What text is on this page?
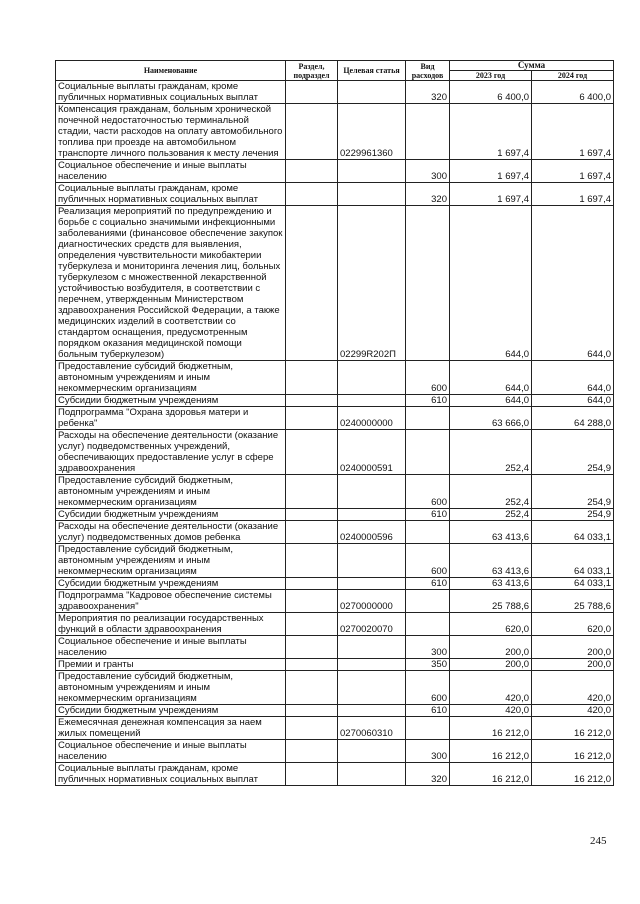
Наименование	Раздел, подраздел	Целевая статья	Вид расходов	Сумма	
				2023 год	2024 год
Социальные выплаты гражданам, кроме публичных нормативных социальных выплат			320	6 400,0	6 400,0
Компенсация гражданам, больным хронической почечной недостаточностью терминальной стадии, части расходов на оплату автомобильного топлива при проезде на автомобильном транспорте личного пользования к месту лечения		0229961360		1 697,4	1 697,4
Социальное обеспечение и иные выплаты населению			300	1 697,4	1 697,4
Социальные выплаты гражданам, кроме публичных нормативных социальных выплат			320	1 697,4	1 697,4
Реализация мероприятий по предупреждению и борьбе с социально значимыми инфекционными заболеваниями (финансовое обеспечение закупок диагностических средств для выявления, определения чувствительности микобактерии туберкулеза и мониторинга лечения лиц, больных туберкулезом с множественной лекарственной устойчивостью возбудителя, в соответствии с перечнем, утвержденным Министерством здравоохранения Российской Федерации, а также медицинских изделий в соответствии со стандартом оснащения, предусмотренным порядком оказания медицинской помощи больным туберкулезом)		02299R202П		644,0	644,0
Предоставление субсидий бюджетным, автономным учреждениям и иным некоммерческим организациям			600	644,0	644,0
Субсидии бюджетным учреждениям			610	644,0	644,0
Подпрограмма "Охрана здоровья матери и ребенка"		0240000000		63 666,0	64 288,0
Расходы на обеспечение деятельности (оказание услуг) подведомственных учреждений, обеспечивающих предоставление услуг в сфере здравоохранения		0240000591		252,4	254,9
Предоставление субсидий бюджетным, автономным учреждениям и иным некоммерческим организациям			600	252,4	254,9
Субсидии бюджетным учреждениям			610	252,4	254,9
Расходы на обеспечение деятельности (оказание услуг) подведомственных домов ребенка		0240000596		63 413,6	64 033,1
Предоставление субсидий бюджетным, автономным учреждениям и иным некоммерческим организациям			600	63 413,6	64 033,1
Субсидии бюджетным учреждениям			610	63 413,6	64 033,1
Подпрограмма "Кадровое обеспечение системы здравоохранения"		0270000000		25 788,6	25 788,6
Мероприятия по реализации государственных функций в области здравоохранения		0270020070		620,0	620,0
Социальное обеспечение и иные выплаты населению			300	200,0	200,0
Премии и гранты			350	200,0	200,0
Предоставление субсидий бюджетным, автономным учреждениям и иным некоммерческим организациям			600	420,0	420,0
Субсидии бюджетным учреждениям			610	420,0	420,0
Ежемесячная денежная компенсация за наем жилых помещений		0270060310		16 212,0	16 212,0
Социальное обеспечение и иные выплаты населению			300	16 212,0	16 212,0
Социальные выплаты гражданам, кроме публичных нормативных социальных выплат			320	16 212,0	16 212,0
245
